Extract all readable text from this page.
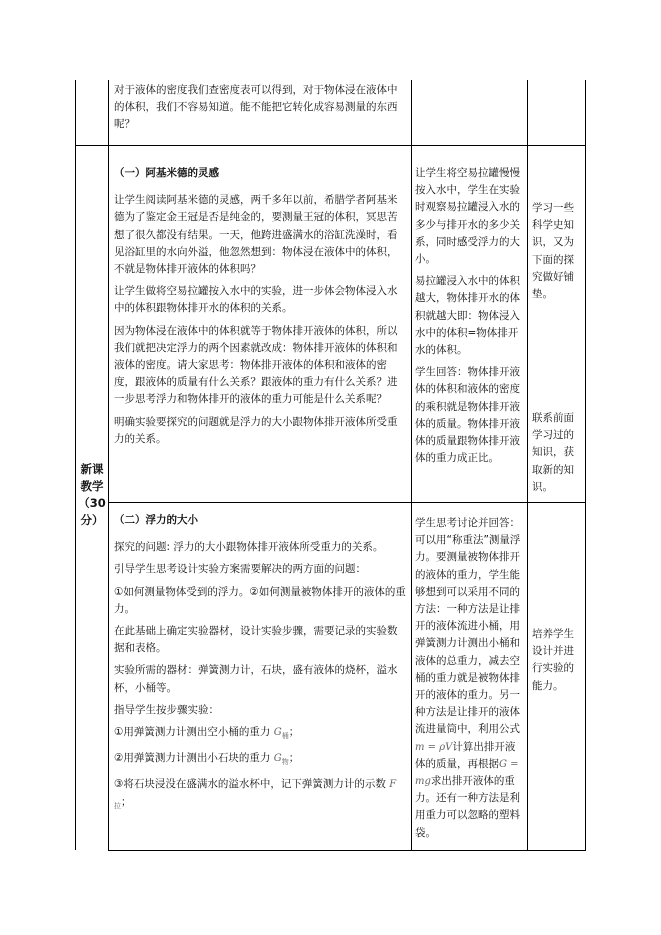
对于液体的密度我们查密度表可以得到，对于物体浸在液体中的体积，我们不容易知道。能不能把它转化成容易测量的东西呢？
新课
教学
（30
分）
（一）阿基米德的灵感
让学生阅读阿基米德的灵感，两千多年以前，希腊学者阿基米德为了鉴定金王冠是否是纯金的，要测量王冠的体积，冥思苦想了很久都没有结果。一天，他跨进盛满水的浴缸洗澡时，看见浴缸里的水向外溢，他忽然想到：物体浸在液体中的体积，不就是物体排开液体的体积吗？
让学生做将空易拉罐按入水中的实验，进一步体会物体浸入水中的体积跟物体排开水的体积的关系。
因为物体浸在液体中的体积就等于物体排开液体的体积，所以我们就把决定浮力的两个因素就改成：物体排开液体的体积和液体的密度。请大家思考：物体排开液体的体积和液体的密度，跟液体的质量有什么关系？跟液体的重力有什么关系？进一步思考浮力和物体排开的液体的重力可能是什么关系呢？
明确实验要探究的问题就是浮力的大小跟物体排开液体所受重力的关系。
让学生将空易拉罐慢慢按入水中，学生在实验时观察易拉罐浸入水的多少与排开水的多少关系，同时感受浮力的大小。
易拉罐浸入水中的体积越大，物体排开水的体积就越大即：物体浸入水中的体积=物体排开水的体积。
学生回答：物体排开液体的体积和液体的密度的乘积就是物体排开液体的质量。物体排开液体的质量跟物体排开液体的重力成正比。
学习一些科学史知识，又为下面的探究做好铺垫。
联系前面学习过的知识，获取新的知识。
（二）浮力的大小
探究的问题: 浮力的大小跟物体排开液体所受重力的关系。
引导学生思考设计实验方案需要解决的两方面的问题：
①如何测量物体受到的浮力。②如何测量被物体排开的液体的重力。
在此基础上确定实验器材，设计实验步骤，需要记录的实验数据和表格。
实验所需的器材：弹簧测力计，石块，盛有液体的烧杯，溢水杯，小桶等。
指导学生按步骤实验：
①用弹簧测力计测出空小桶的重力 $G_桶$；
②用弹簧测力计测出小石块的重力 $G_物$；
③将石块浸没在盛满水的溢水杯中，记下弹簧测力计的示数 $F_拉$；
学生思考讨论并回答：可以用“称重法”测量浮力。要测量被物体排开的液体的重力，学生能够想到可以采用不同的方法：一种方法是让排开的液体流进小桶，用弹簧测力计测出小桶和液体的总重力，减去空桶的重力就是被物体排开的液体的重力。另一种方法是让排开的液体流进量筒中，利用公式m = ρV计算出排开液体的质量，再根据G = mg求出排开液体的重力。还有一种方法是利用重力可以忽略的塑料袋。
培养学生设计并进行实验的能力。
